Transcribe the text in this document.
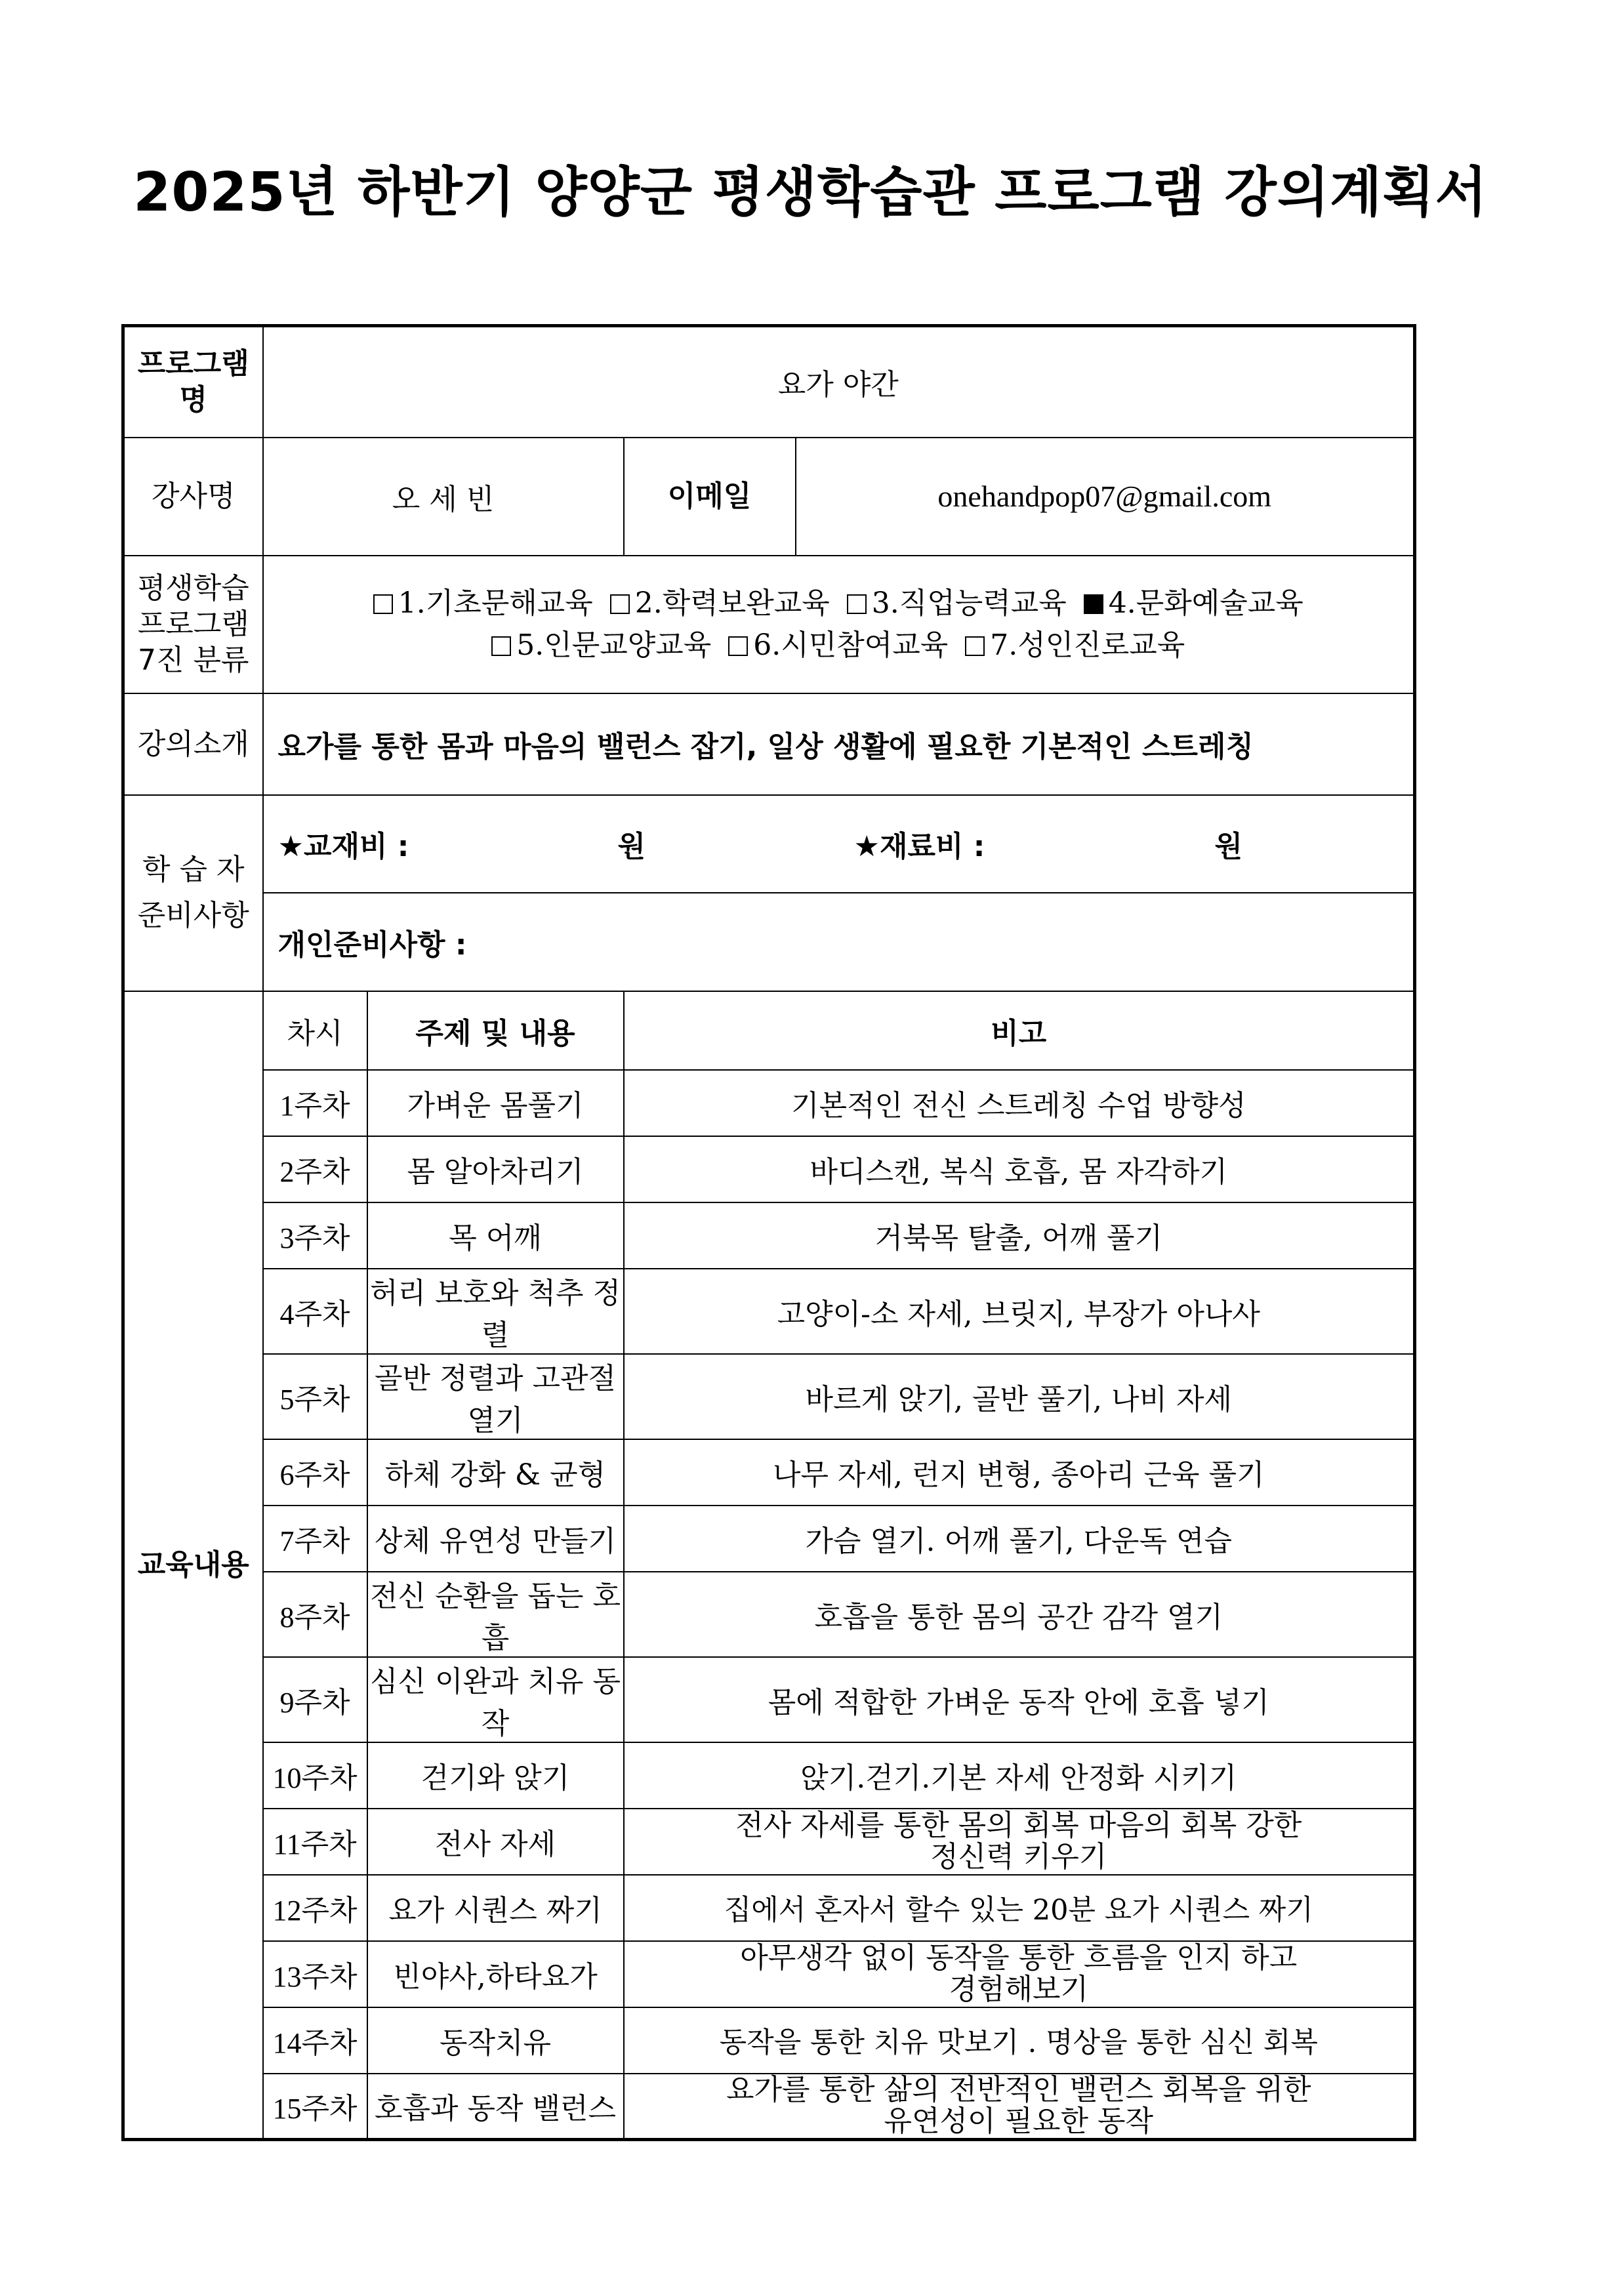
2025년 하반기 양양군 평생학습관 프로그램 강의계획서
프로그램명	요가 야간			
강사명	오 세 빈		이메일	onehandpop07@gmail.com

평생학습
프로그램
7진 분류	1.기초문해교육 2.학력보완교육 3.직업능력교육 4.문화예술교육
5.인문교양교육 6.시민참여교육 7.성인진로교육			

강의소개	요가를 통한 몸과 마음의 밸런스 잡기, 일상 생활에 필요한 기본적인 스트레칭			

학 습 자
준비사항	★교재비 : 원 ★재료비 : 원			

	개인준비사항 :			
교육내용	차시	주제 및 내용	비고	
	1주차	가벼운 몸풀기	기본적인 전신 스트레칭 수업 방향성	
	2주차	몸 알아차리기	바디스캔, 복식 호흡, 몸 자각하기	
	3주차	목 어깨	거북목 탈출, 어깨 풀기	
	4주차	허리 보호와 척추 정렬	고양이-소 자세, 브릿지, 부장가 아나사	
	5주차	골반 정렬과 고관절 열기	바르게 앉기, 골반 풀기, 나비 자세	
	6주차	하체 강화 & 균형	나무 자세, 런지 변형, 종아리 근육 풀기	
	7주차	상체 유연성 만들기	가슴 열기. 어깨 풀기, 다운독 연습	
	8주차	전신 순환을 돕는 호흡	호흡을 통한 몸의 공간 감각 열기	
	9주차	심신 이완과 치유 동작	몸에 적합한 가벼운 동작 안에 호흡 넣기	
	10주차	걷기와 앉기	앉기.걷기.기본 자세 안정화 시키기	
	11주차	전사 자세	전사 자세를 통한 몸의 회복 마음의 회복 강한
정신력 키우기	

	12주차	요가 시퀀스 짜기	집에서 혼자서 할수 있는 20분 요가 시퀀스 짜기	
	13주차	빈야사,하타요가	아무생각 없이 동작을 통한 흐름을 인지 하고
경험해보기	

	14주차	동작치유	동작을 통한 치유 맛보기 . 명상을 통한 심신 회복	
	15주차	호흡과 동작 밸런스	요가를 통한 삶의 전반적인 밸런스 회복을 위한
유연성이 필요한 동작	
